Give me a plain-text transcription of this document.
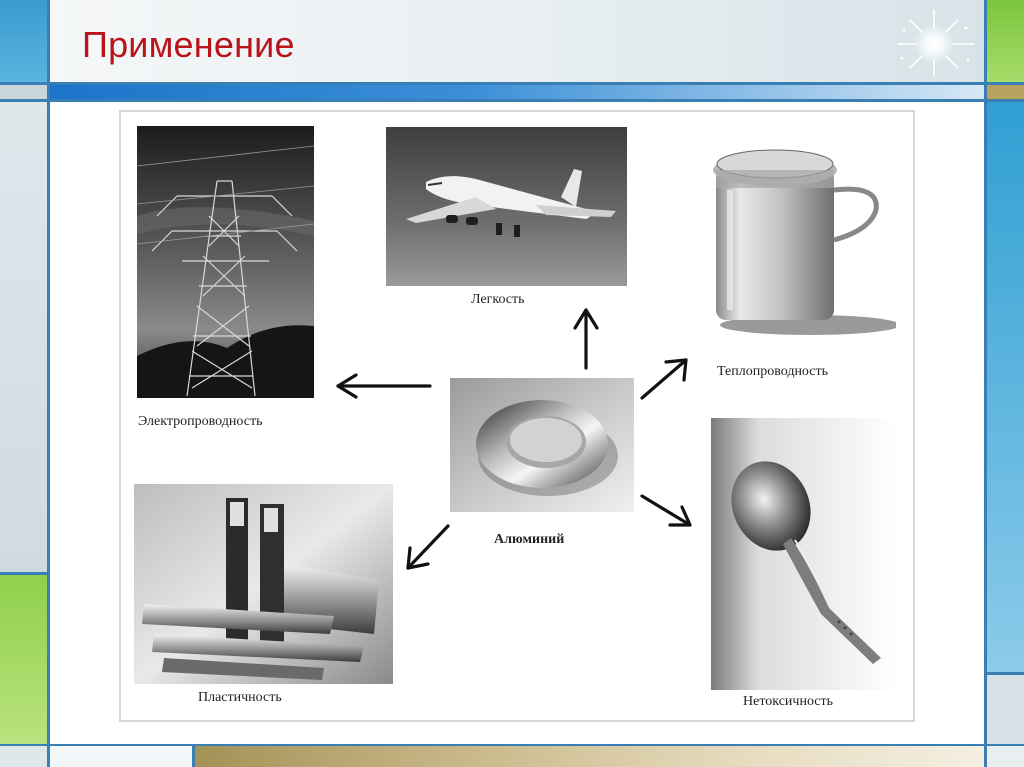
Применение
Электропроводность
Легкость
Теплопроводность
Алюминий
Нетоксичность
Пластичность
